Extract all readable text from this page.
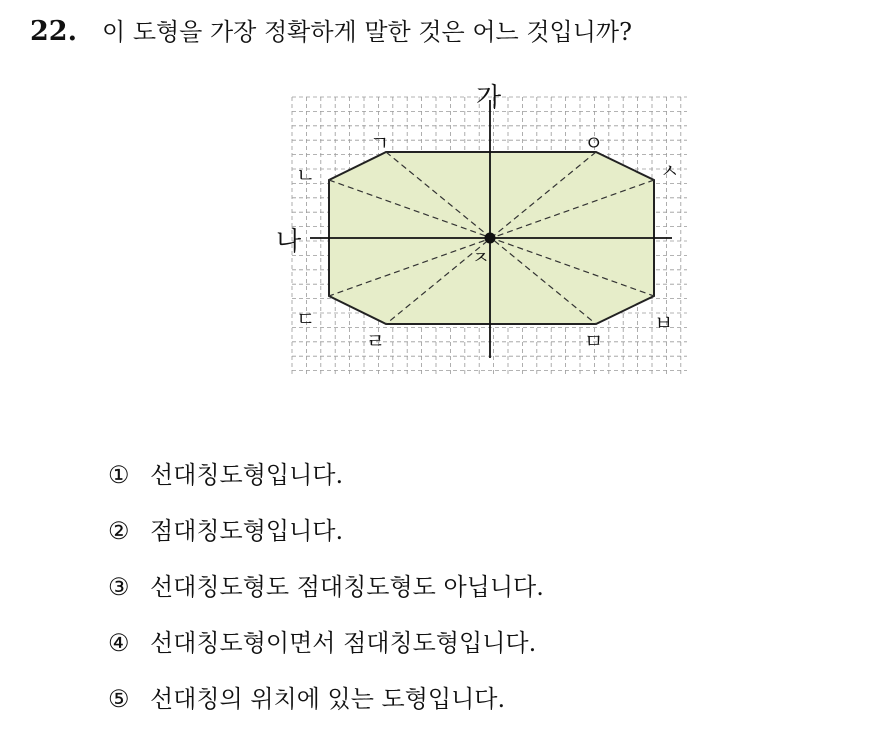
22.	이 도형을 가장 정확하게 말한 것은 어느 것입니까?
가
나
ㅈ
ㄱ
ㄴ
ㄷ
ㄹ	ㅁ
ㅂ
ㅅ
ㅇ
① 선대칭도형입니다.
② 점대칭도형입니다.
③ 선대칭도형도 점대칭도형도 아닙니다.
④ 선대칭도형이면서 점대칭도형입니다.
⑤ 선대칭의 위치에 있는 도형입니다.
